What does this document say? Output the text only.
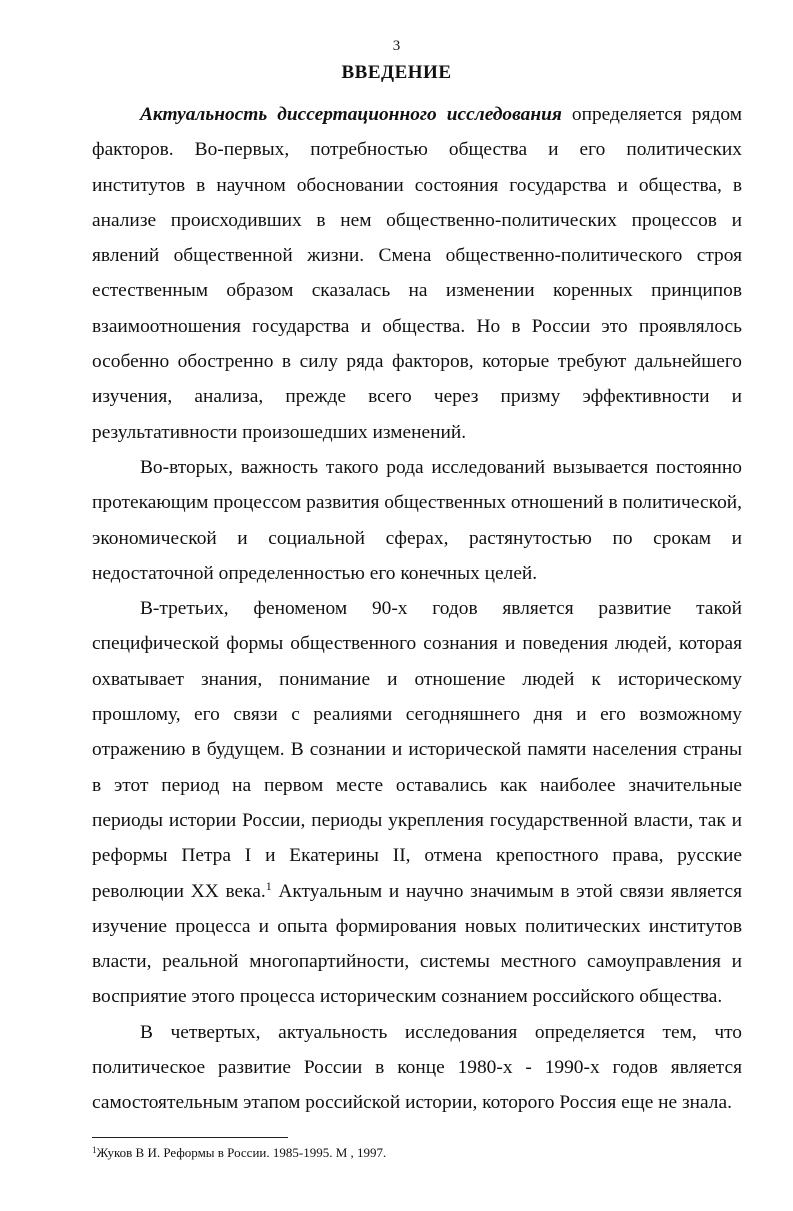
3
ВВЕДЕНИЕ

Актуальность диссертационного исследования определяется рядом факторов. Во-первых, потребностью общества и его политических институтов в научном обосновании состояния государства и общества, в анализе происходивших в нем общественно-политических процессов и явлений общественной жизни. Смена общественно-политического строя естественным образом сказалась на изменении коренных принципов взаимоотношения государства и общества. Но в России это проявлялось особенно обостренно в силу ряда факторов, которые требуют дальнейшего изучения, анализа, прежде всего через призму эффективности и результативности произошедших изменений.

Во-вторых, важность такого рода исследований вызывается постоянно протекающим процессом развития общественных отношений в политической, экономической и социальной сферах, растянутостью по срокам и недостаточной определенностью его конечных целей.

В-третьих, феноменом 90-х годов является развитие такой специфической формы общественного сознания и поведения людей, которая охватывает знания, понимание и отношение людей к историческому прошлому, его связи с реалиями сегодняшнего дня и его возможному отражению в будущем. В сознании и исторической памяти населения страны в этот период на первом месте оставались как наиболее значительные периоды истории России, периоды укрепления государственной власти, так и реформы Петра I и Екатерины II, отмена крепостного права, русские революции XX века.$^1$ Актуальным и научно значимым в этой связи является изучение процесса и опыта формирования новых политических институтов власти, реальной многопартийности, системы местного самоуправления и восприятие этого процесса историческим сознанием российского общества.

В четвертых, актуальность исследования определяется тем, что политическое развитие России в конце 1980-х - 1990-х годов является самостоятельным этапом российской истории, которого Россия еще не знала.

$^1$Жуков В И. Реформы в России. 1985-1995. М , 1997.
